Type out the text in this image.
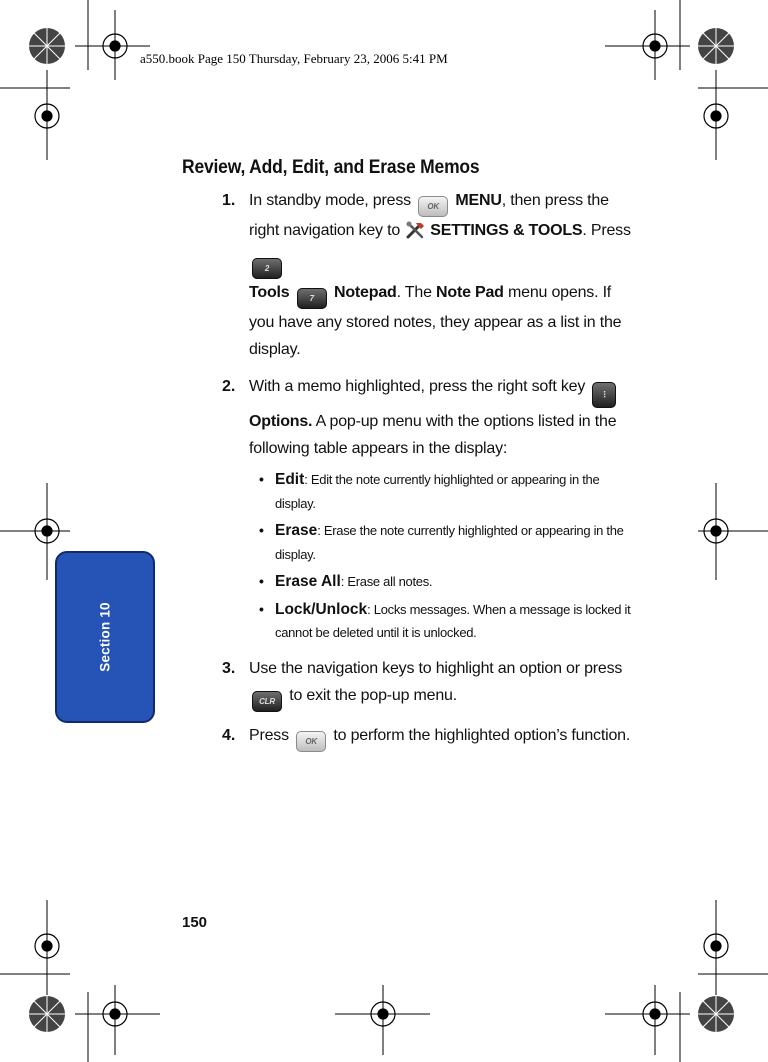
a550.book Page 150 Thursday, February 23, 2006 5:41 PM
Section 10
Review, Add, Edit, and Erase Memos
1. In standby mode, press OK MENU, then press the right navigation key to SETTINGS & TOOLS. Press 2
Tools	7 Notepad. The Note Pad menu opens. If you have any stored notes, they appear as a list in the display.
2. With a memo highlighted, press the right soft key ⋮
Options. A pop-up menu with the options listed in the following table appears in the display:
• Edit: Edit the note currently highlighted or appearing in the display.
• Erase: Erase the note currently highlighted or appearing in the display.
• Erase All: Erase all notes.
• Lock/Unlock: Locks messages. When a message is locked it cannot be deleted until it is unlocked.
3. Use the navigation keys to highlight an option or press
CLR to exit the pop-up menu.
4. Press OK to perform the highlighted option’s function.
150
